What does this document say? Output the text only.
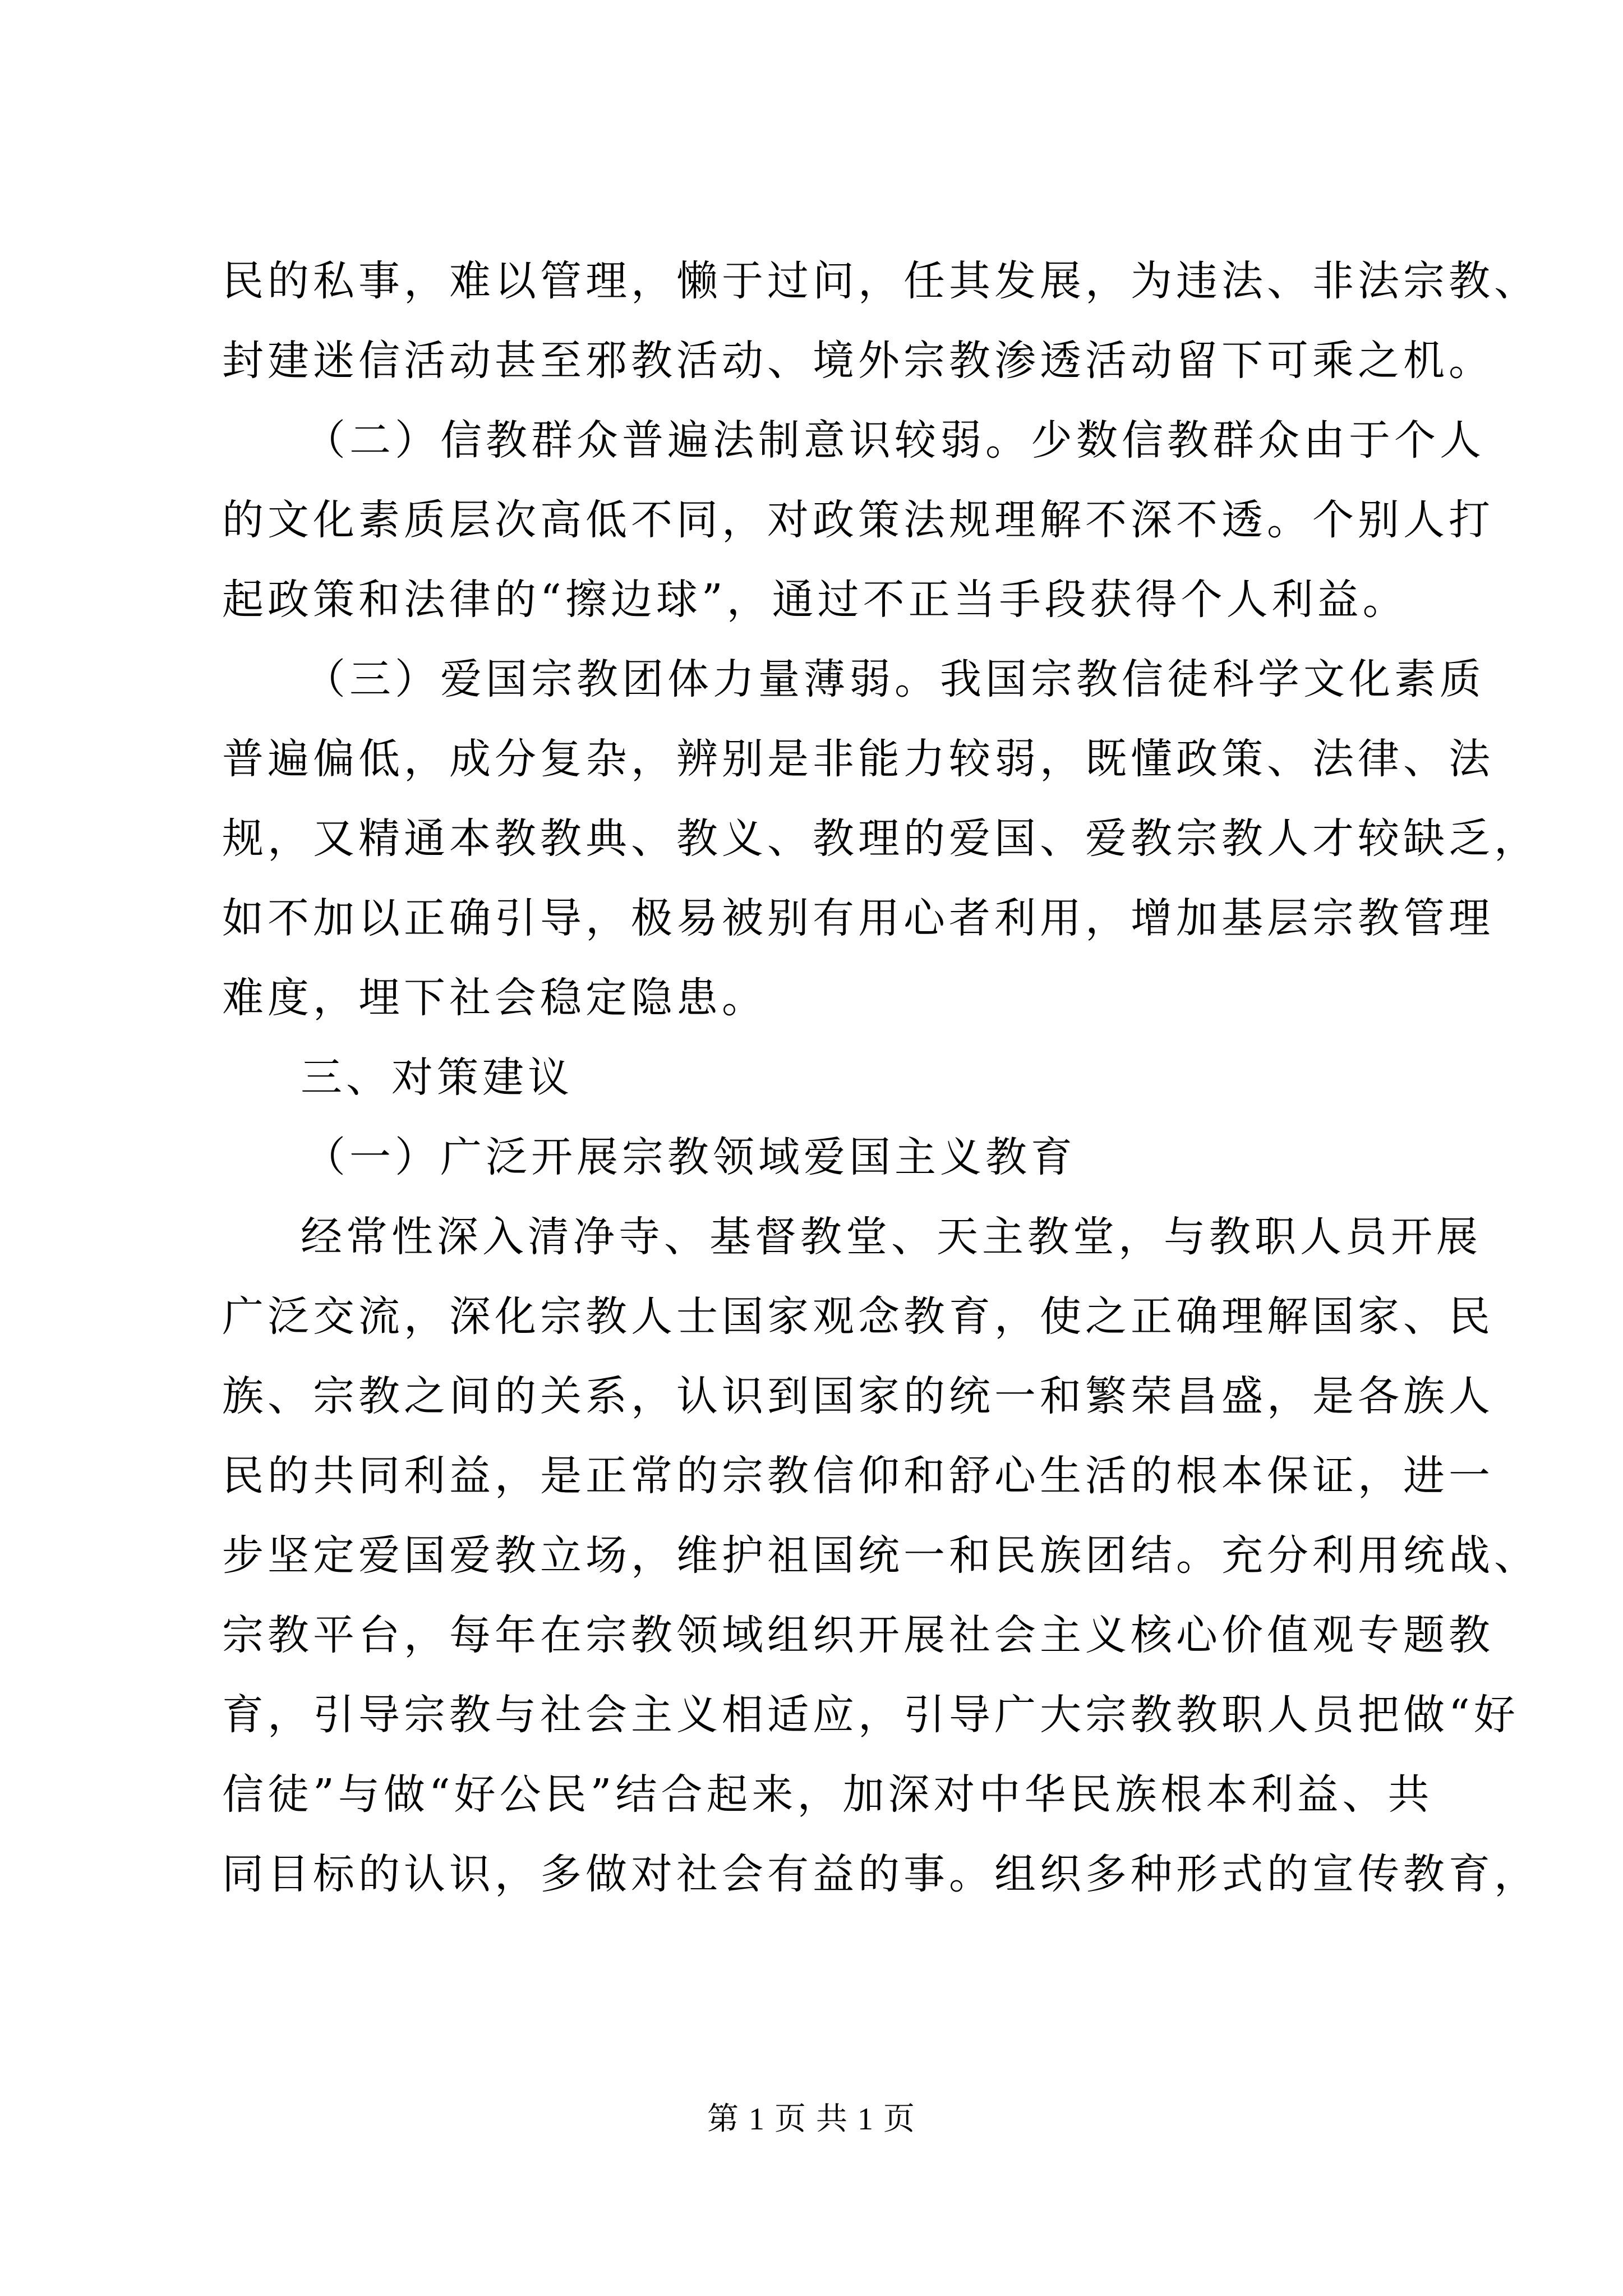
民的私事，难以管理，懒于过问，任其发展，为违法、非法宗教、
封建迷信活动甚至邪教活动、境外宗教渗透活动留下可乘之机。
（二）信教群众普遍法制意识较弱。少数信教群众由于个人
的文化素质层次高低不同，对政策法规理解不深不透。个别人打
起政策和法律的“擦边球”，通过不正当手段获得个人利益。
（三）爱国宗教团体力量薄弱。我国宗教信徒科学文化素质
普遍偏低，成分复杂，辨别是非能力较弱，既懂政策、法律、法
规，又精通本教教典、教义、教理的爱国、爱教宗教人才较缺乏，
如不加以正确引导，极易被别有用心者利用，增加基层宗教管理
难度，埋下社会稳定隐患。
三、对策建议
（一）广泛开展宗教领域爱国主义教育
经常性深入清净寺、基督教堂、天主教堂，与教职人员开展
广泛交流，深化宗教人士国家观念教育，使之正确理解国家、民
族、宗教之间的关系，认识到国家的统一和繁荣昌盛，是各族人
民的共同利益，是正常的宗教信仰和舒心生活的根本保证，进一
步坚定爱国爱教立场，维护祖国统一和民族团结。充分利用统战、
宗教平台，每年在宗教领域组织开展社会主义核心价值观专题教
育，引导宗教与社会主义相适应，引导广大宗教教职人员把做“好
信徒”与做“好公民”结合起来，加深对中华民族根本利益、共
同目标的认识，多做对社会有益的事。组织多种形式的宣传教育，
第 1 页 共 1 页
